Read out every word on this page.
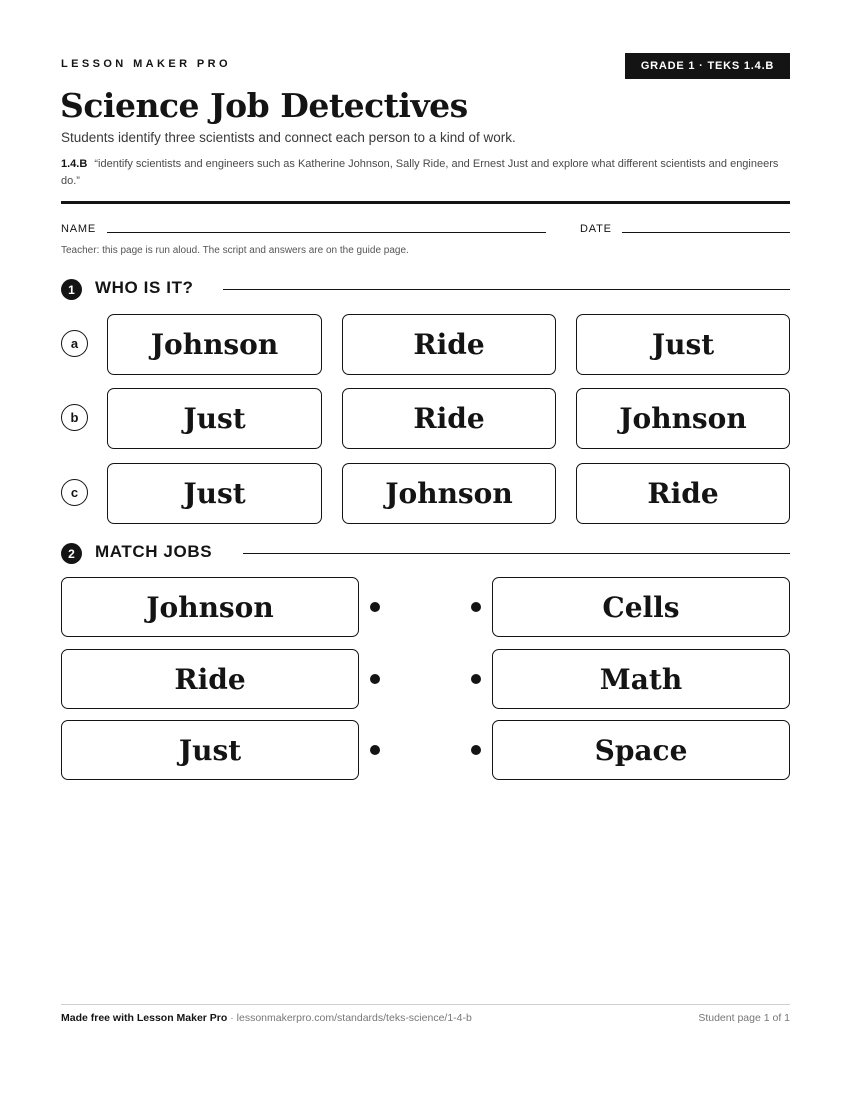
LESSON MAKER PRO	GRADE 1 · TEKS 1.4.B
Science Job Detectives
Students identify three scientists and connect each person to a kind of work.
1.4.B “identify scientists and engineers such as Katherine Johnson, Sally Ride, and Ernest Just and explore what different scientists and engineers do.”
NAME	DATE
Teacher: this page is run aloud. The script and answers are on the guide page.
1	WHO IS IT?
a	Johnson	Ride	Just
b	Just	Ride	Johnson
c	Just	Johnson	Ride
2	MATCH JOBS
Johnson	Cells
Ride	Math
Just	Space
Made free with Lesson Maker Pro · lessonmakerpro.com/standards/teks-science/1-4-b	Student page 1 of 1
